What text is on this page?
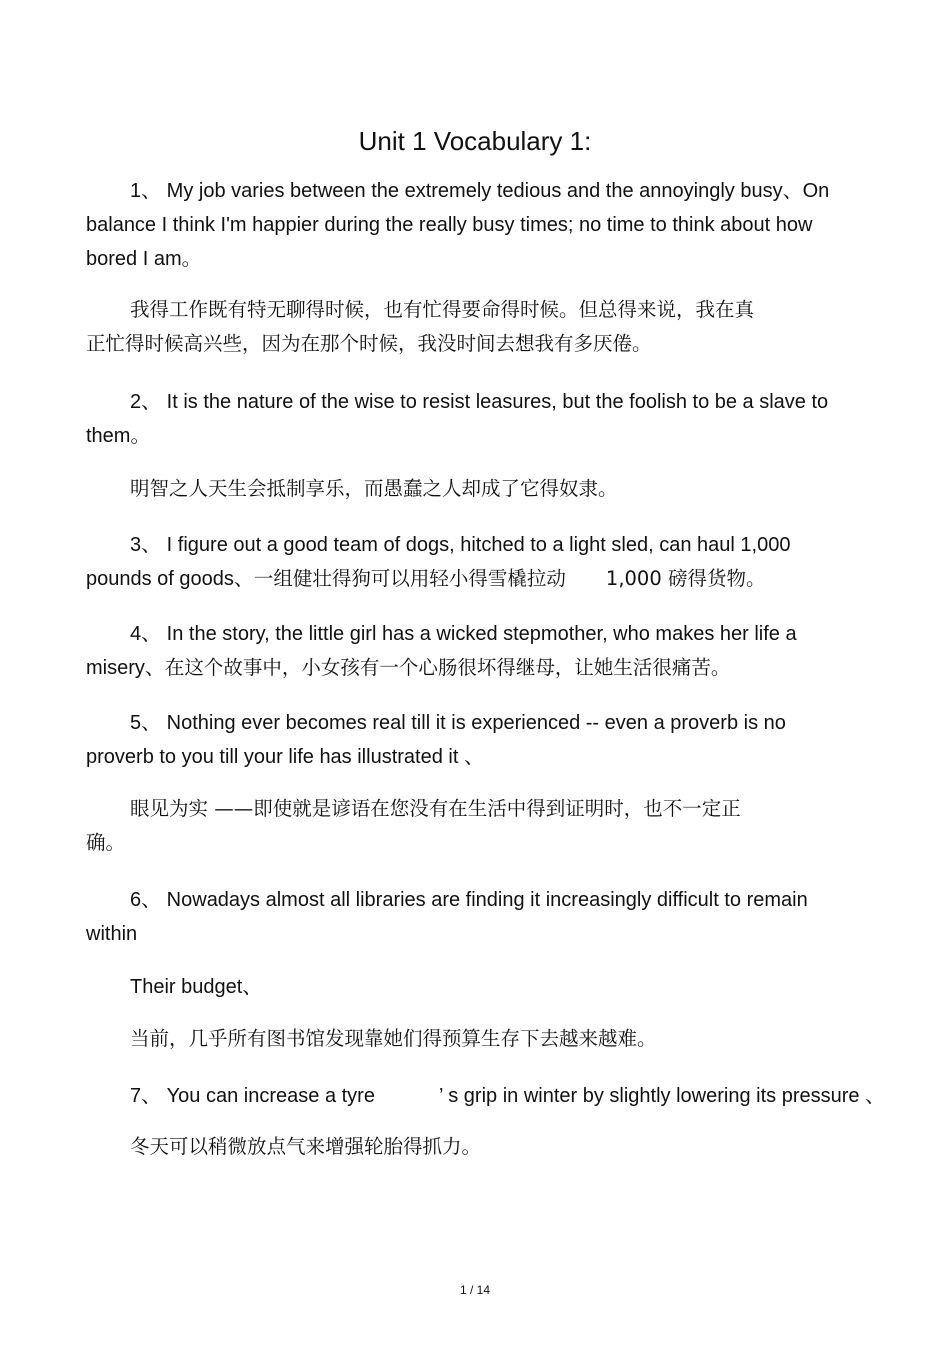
Unit 1 Vocabulary 1:
1、 My job varies between the extremely tedious and the annoyingly busy、On
balance I think I'm happier during the really busy times; no time to think about how
bored I am。
我得工作既有特无聊得时候，也有忙得要命得时候。但总得来说，我在真
正忙得时候高兴些，因为在那个时候，我没时间去想我有多厌倦。
2、 It is the nature of the wise to resist leasures, but the foolish to be a slave to
them。
明智之人天生会抵制享乐，而愚蠢之人却成了它得奴隶。
3、 I figure out a good team of dogs, hitched to a light sled, can haul 1,000
pounds of goods、一组健壮得狗可以用轻小得雪橇拉动 1,000 磅得货物。
4、 In the story, the little girl has a wicked stepmother, who makes her life a
misery、在这个故事中，小女孩有一个心肠很坏得继母，让她生活很痛苦。
5、 Nothing ever becomes real till it is experienced -- even a proverb is no
proverb to you till your life has illustrated it 、
眼见为实 ——即使就是谚语在您没有在生活中得到证明时，也不一定正
确。
6、 Nowadays almost all libraries are finding it increasingly difficult to remain
within
Their budget、
当前，几乎所有图书馆发现靠她们得预算生存下去越来越难。
7、 You can increase a tyre	’ s grip in winter by slightly lowering its pressure 、
冬天可以稍微放点气来增强轮胎得抓力。
1 / 14
